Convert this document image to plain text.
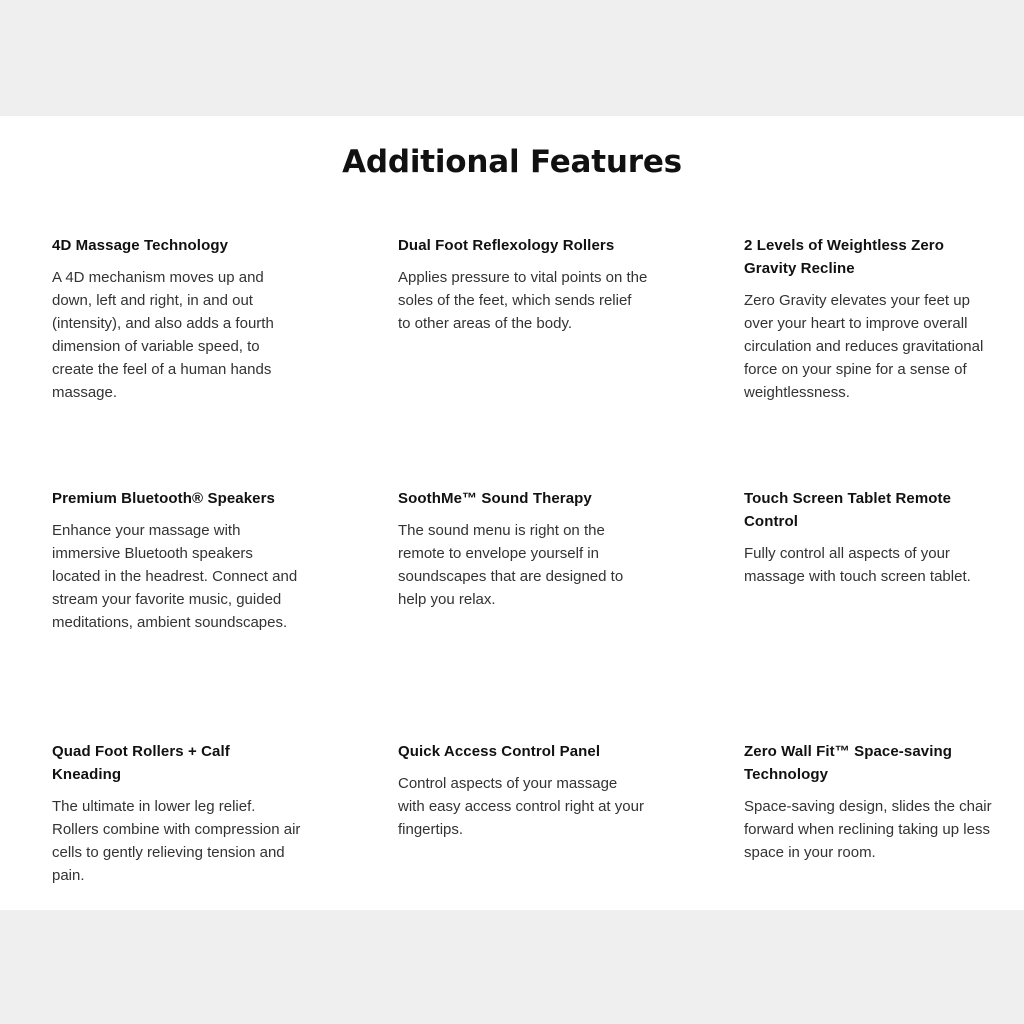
Additional Features

4D Massage Technology

A 4D mechanism moves up and down, left and right, in and out (intensity), and also adds a fourth dimension of variable speed, to create the feel of a human hands massage.

Dual Foot Reflexology Rollers

Applies pressure to vital points on the soles of the feet, which sends relief to other areas of the body.

2 Levels of Weightless Zero Gravity Recline

Zero Gravity elevates your feet up over your heart to improve overall circulation and reduces gravitational force on your spine for a sense of weightlessness.

Premium Bluetooth® Speakers

Enhance your massage with immersive Bluetooth speakers located in the headrest. Connect and stream your favorite music, guided meditations, ambient soundscapes.

SoothMe™ Sound Therapy

The sound menu is right on the remote to envelope yourself in soundscapes that are designed to help you relax.

Touch Screen Tablet Remote Control

Fully control all aspects of your massage with touch screen tablet.

Quad Foot Rollers + Calf Kneading

The ultimate in lower leg relief. Rollers combine with compression air cells to gently relieving tension and pain.

Quick Access Control Panel

Control aspects of your massage with easy access control right at your fingertips.

Zero Wall Fit™ Space-saving Technology

Space-saving design, slides the chair forward when reclining taking up less space in your room.
